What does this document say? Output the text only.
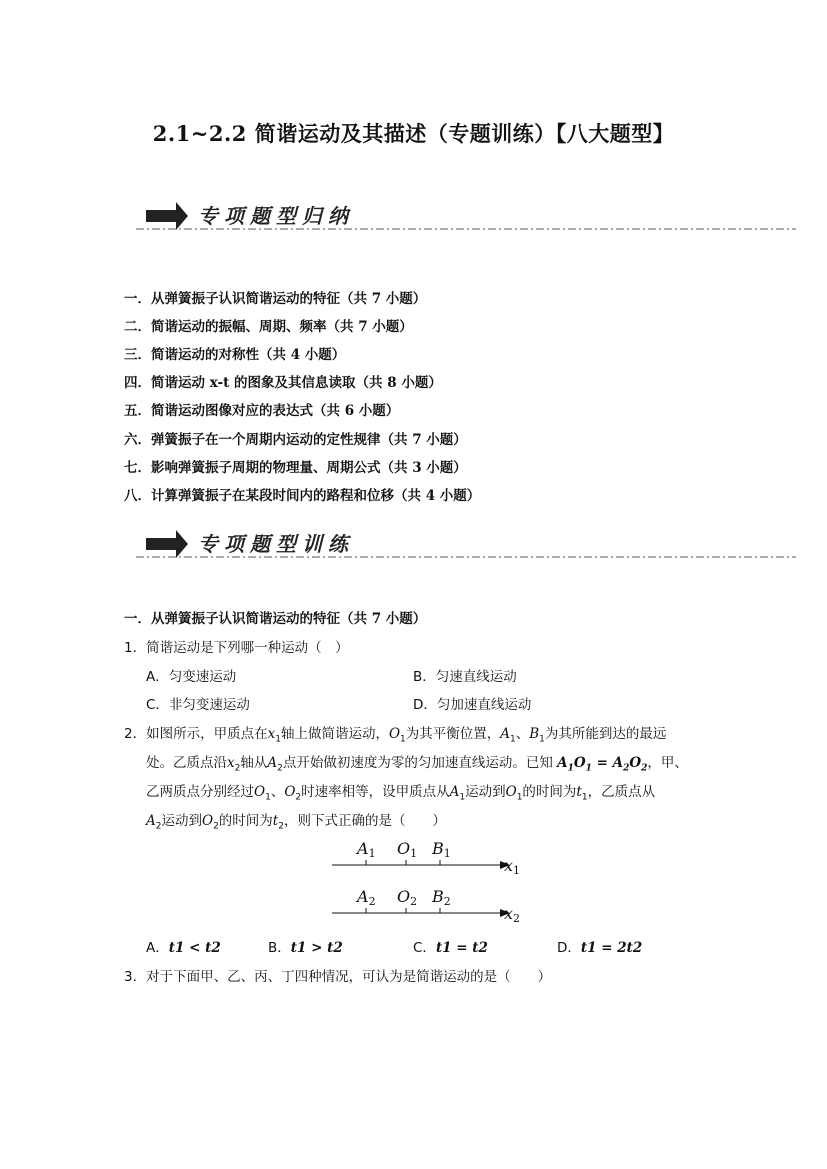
2.1~2.2 简谐运动及其描述（专题训练）【八大题型】
专项题型归纳
一．从弹簧振子认识简谐运动的特征（共 7 小题）
二．简谐运动的振幅、周期、频率（共 7 小题）
三．简谐运动的对称性（共 4 小题）
四．简谐运动 x-t 的图象及其信息读取（共 8 小题）
五．简谐运动图像对应的表达式（共 6 小题）
六．弹簧振子在一个周期内运动的定性规律（共 7 小题）
七．影响弹簧振子周期的物理量、周期公式（共 3 小题）
八．计算弹簧振子在某段时间内的路程和位移（共 4 小题）
专项题型训练
一．从弹簧振子认识简谐运动的特征（共 7 小题）
1．简谐运动是下列哪一种运动（　）
A．匀变速运动	B．匀速直线运动
C．非匀变速运动	D．匀加速直线运动
2．如图所示，甲质点在$x_1$轴上做简谐运动，$O_1$为其平衡位置，$A_1$、$B_1$为其所能到达的最远
处。乙质点沿$x_2$轴从$A_2$点开始做初速度为零的匀加速直线运动。已知 $A_1O_1 = A_2O_2$，甲、
乙两质点分别经过$O_1$、$O_2$时速率相等，设甲质点从$A_1$运动到$O_1$的时间为$t_1$，乙质点从
$A_2$运动到$O_2$的时间为$t_2$，则下式正确的是（　　）
A1 O1 B1
x1
A2 O2 B2
x2
A．t1 < t2	B．t1 > t2	C．t1 = t2	D．t1 = 2t2
3．对于下面甲、乙、丙、丁四种情况，可认为是简谐运动的是（　　）
